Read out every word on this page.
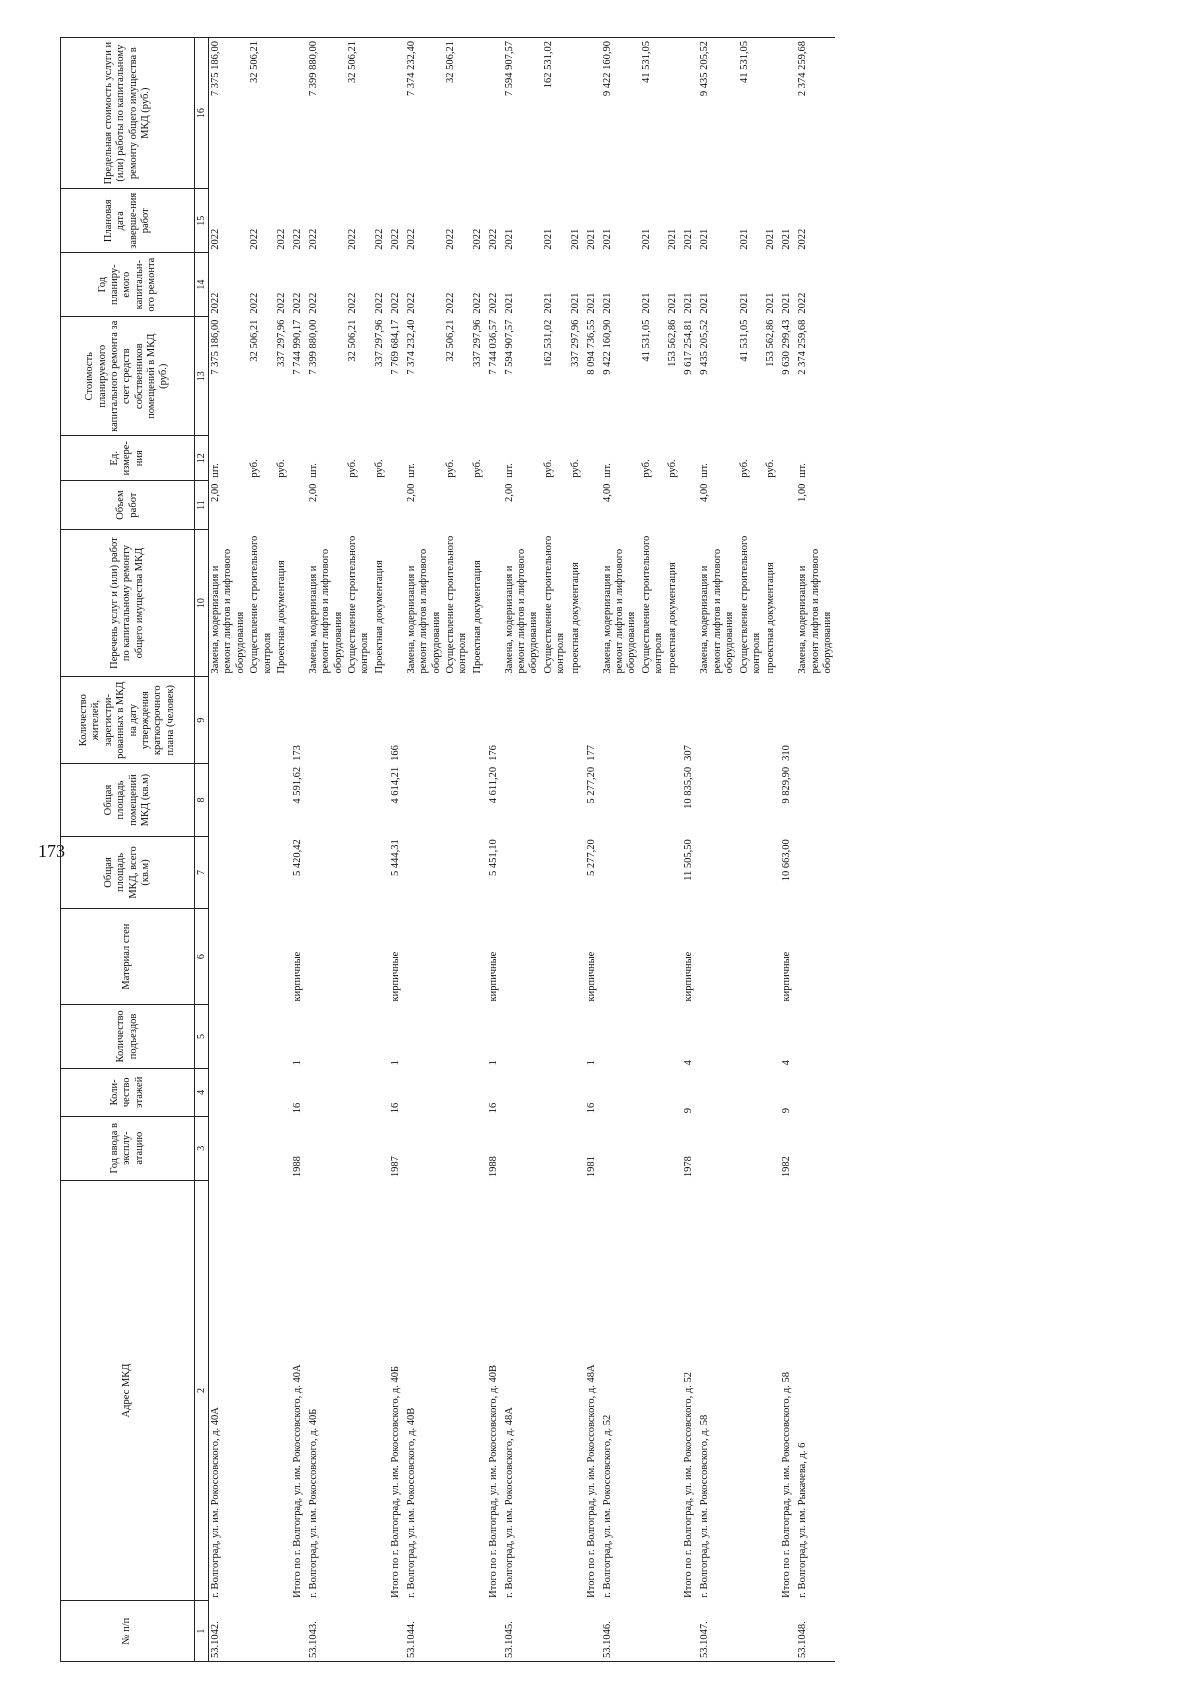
173
№ п/п	Адрес МКД	Год ввода в эксплу-атацию	Коли-чество этажей	Количество подъездов	Материал стен	Общая площадь МКД, всего (кв.м)	Общая площадь помещений МКД (кв.м)	Количество жителей, зарегистри-рованных в МКД на дату утверждения краткосрочного плана (человек)	Перечень услуг и (или) работ по капитальному ремонту общего имущества МКД	Объем работ	Ед. измере-ния	Стоимость планируемого капитального ремонта за счет средств собственников помещений в МКД (руб.)	Год планиру-емого капитальн-ого ремонта	Плановая дата заверше-ния работ	Предельная стоимость услуги и (или) работы по капитальному ремонту общего имущества в МКД (руб.)
1	2	3	4	5	6	7	8	9	10	11	12	13	14	15	16
53.1042.	г. Волгоград, ул. им. Рокоссовского, д. 40А								Замена, модернизация и ремонт лифтов и лифтового оборудования	2,00	шт.	7 375 186,00	2022	2022	7 375 186,00
									Осуществление строительного контроля		руб.	32 506,21	2022	2022	32 506,21
									Проектная документация		руб.	337 297,96	2022	2022	
	Итого по г. Волгоград, ул. им. Рокоссовского, д. 40А	1988	16	1	кирпичные	5 420,42	4 591,62	173				7 744 990,17	2022	2022	
53.1043.	г. Волгоград, ул. им. Рокоссовского, д. 40Б								Замена, модернизация и ремонт лифтов и лифтового оборудования	2,00	шт.	7 399 880,00	2022	2022	7 399 880,00
									Осуществление строительного контроля		руб.	32 506,21	2022	2022	32 506,21
									Проектная документация		руб.	337 297,96	2022	2022	
	Итого по г. Волгоград, ул. им. Рокоссовского, д. 40Б	1987	16	1	кирпичные	5 444,31	4 614,21	166				7 769 684,17	2022	2022	
53.1044.	г. Волгоград, ул. им. Рокоссовского, д. 40В								Замена, модернизация и ремонт лифтов и лифтового оборудования	2,00	шт.	7 374 232,40	2022	2022	7 374 232,40
									Осуществление строительного контроля		руб.	32 506,21	2022	2022	32 506,21
									Проектная документация		руб.	337 297,96	2022	2022	
	Итого по г. Волгоград, ул. им. Рокоссовского, д. 40В	1988	16	1	кирпичные	5 451,10	4 611,20	176				7 744 036,57	2022	2022	
53.1045.	г. Волгоград, ул. им. Рокоссовского, д. 48А								Замена, модернизация и ремонт лифтов и лифтового оборудования	2,00	шт.	7 594 907,57	2021	2021	7 594 907,57
									Осуществление строительного контроля		руб.	162 531,02	2021	2021	162 531,02
									проектная документация		руб.	337 297,96	2021	2021	
	Итого по г. Волгоград, ул. им. Рокоссовского, д. 48А	1981	16	1	кирпичные	5 277,20	5 277,20	177				8 094 736,55	2021	2021	
53.1046.	г. Волгоград, ул. им. Рокоссовского, д. 52								Замена, модернизация и ремонт лифтов и лифтового оборудования	4,00	шт.	9 422 160,90	2021	2021	9 422 160,90
									Осуществление строительного контроля		руб.	41 531,05	2021	2021	41 531,05
									проектная документация		руб.	153 562,86	2021	2021	
	Итого по г. Волгоград, ул. им. Рокоссовского, д. 52	1978	9	4	кирпичные	11 505,50	10 835,50	307				9 617 254,81	2021	2021	
53.1047.	г. Волгоград, ул. им. Рокоссовского, д. 58								Замена, модернизация и ремонт лифтов и лифтового оборудования	4,00	шт.	9 435 205,52	2021	2021	9 435 205,52
									Осуществление строительного контроля		руб.	41 531,05	2021	2021	41 531,05
									проектная документация		руб.	153 562,86	2021	2021	
	Итого по г. Волгоград, ул. им. Рокоссовского, д. 58	1982	9	4	кирпичные	10 663,00	9 829,90	310				9 630 299,43	2021	2021	
53.1048.	г. Волгоград, ул. им. Рыкачева, д. 6								Замена, модернизация и ремонт лифтов и лифтового оборудования	1,00	шт.	2 374 259,68	2022	2022	2 374 259,68
